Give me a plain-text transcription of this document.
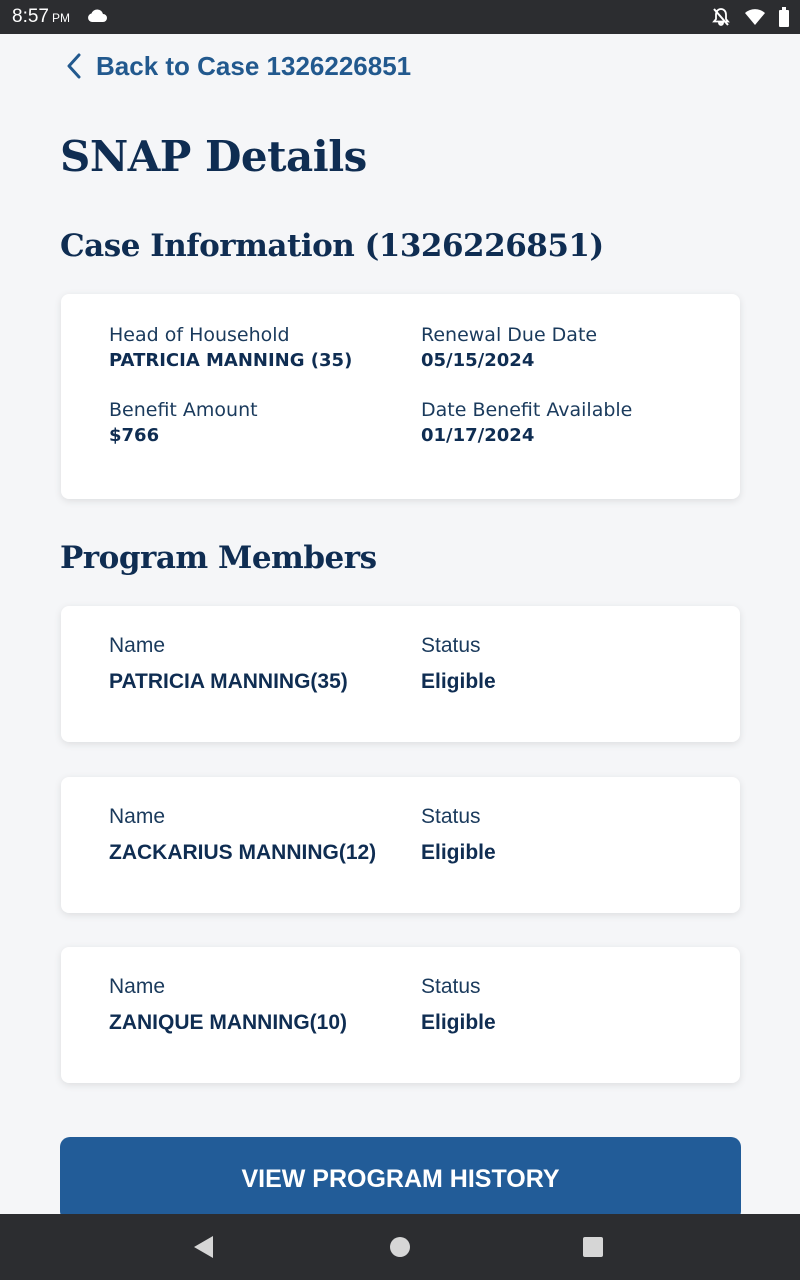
8:57 PM

Back to Case 1326226851
SNAP Details
Case Information (1326226851)
Head of Household
PATRICIA MANNING (35)
Renewal Due Date
05/15/2024
Benefit Amount
$766
Date Benefit Available
01/17/2024
Program Members
Name	Status
PATRICIA MANNING(35)	Eligible
Name	Status
ZACKARIUS MANNING(12) Eligible
Name	Status
ZANIQUE MANNING(10)	Eligible
VIEW PROGRAM HISTORY
